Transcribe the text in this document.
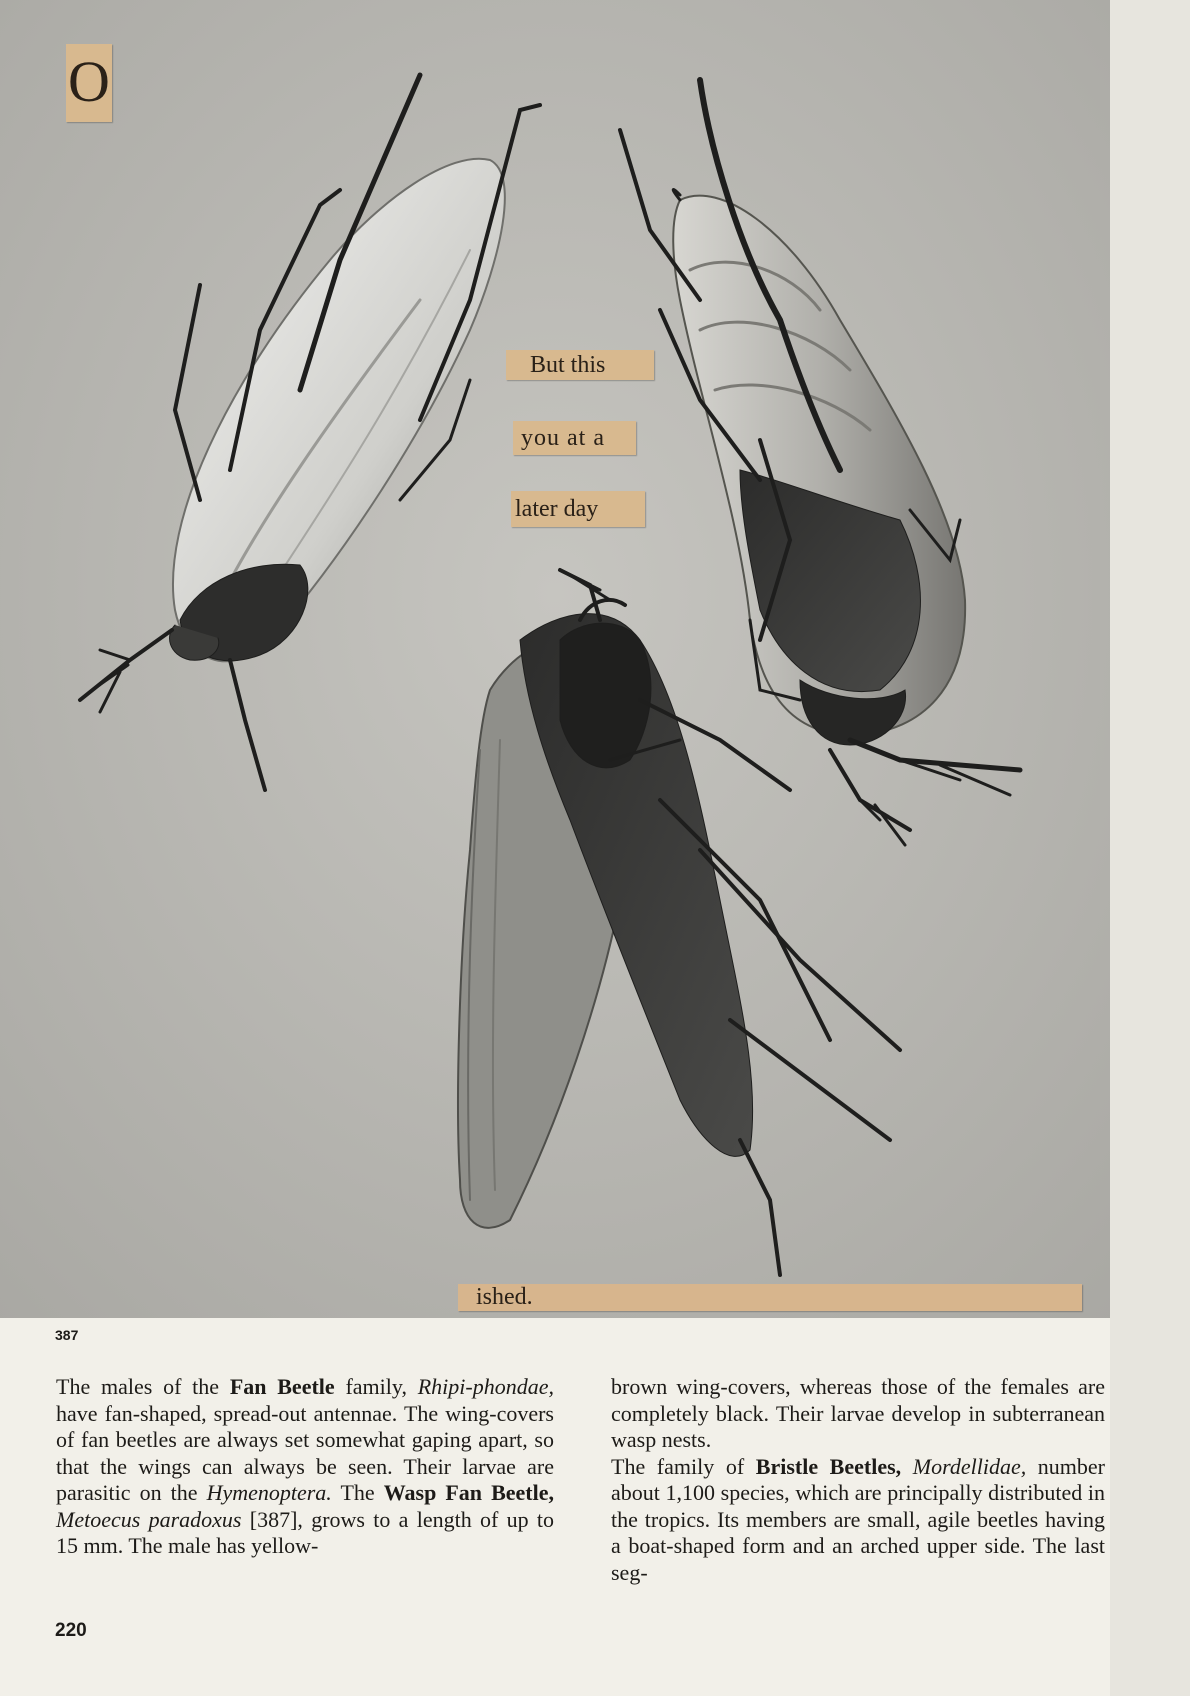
O
But this
you at a
later day
ished.
387

The males of the Fan Beetle family, Rhipi-phondae, have fan-shaped, spread-out antennae. The wing-covers of fan beetles are always set somewhat gaping apart, so that the wings can always be seen. Their larvae are parasitic on the Hymenoptera. The Wasp Fan Beetle, Metoecus paradoxus [387], grows to a length of up to 15 mm. The male has yellow-

brown wing-covers, whereas those of the females are completely black. Their larvae develop in subterranean wasp nests.

The family of Bristle Beetles, Mordellidae, number about 1,100 species, which are principally distributed in the tropics. Its members are small, agile beetles having a boat-shaped form and an arched upper side. The last seg-

220
